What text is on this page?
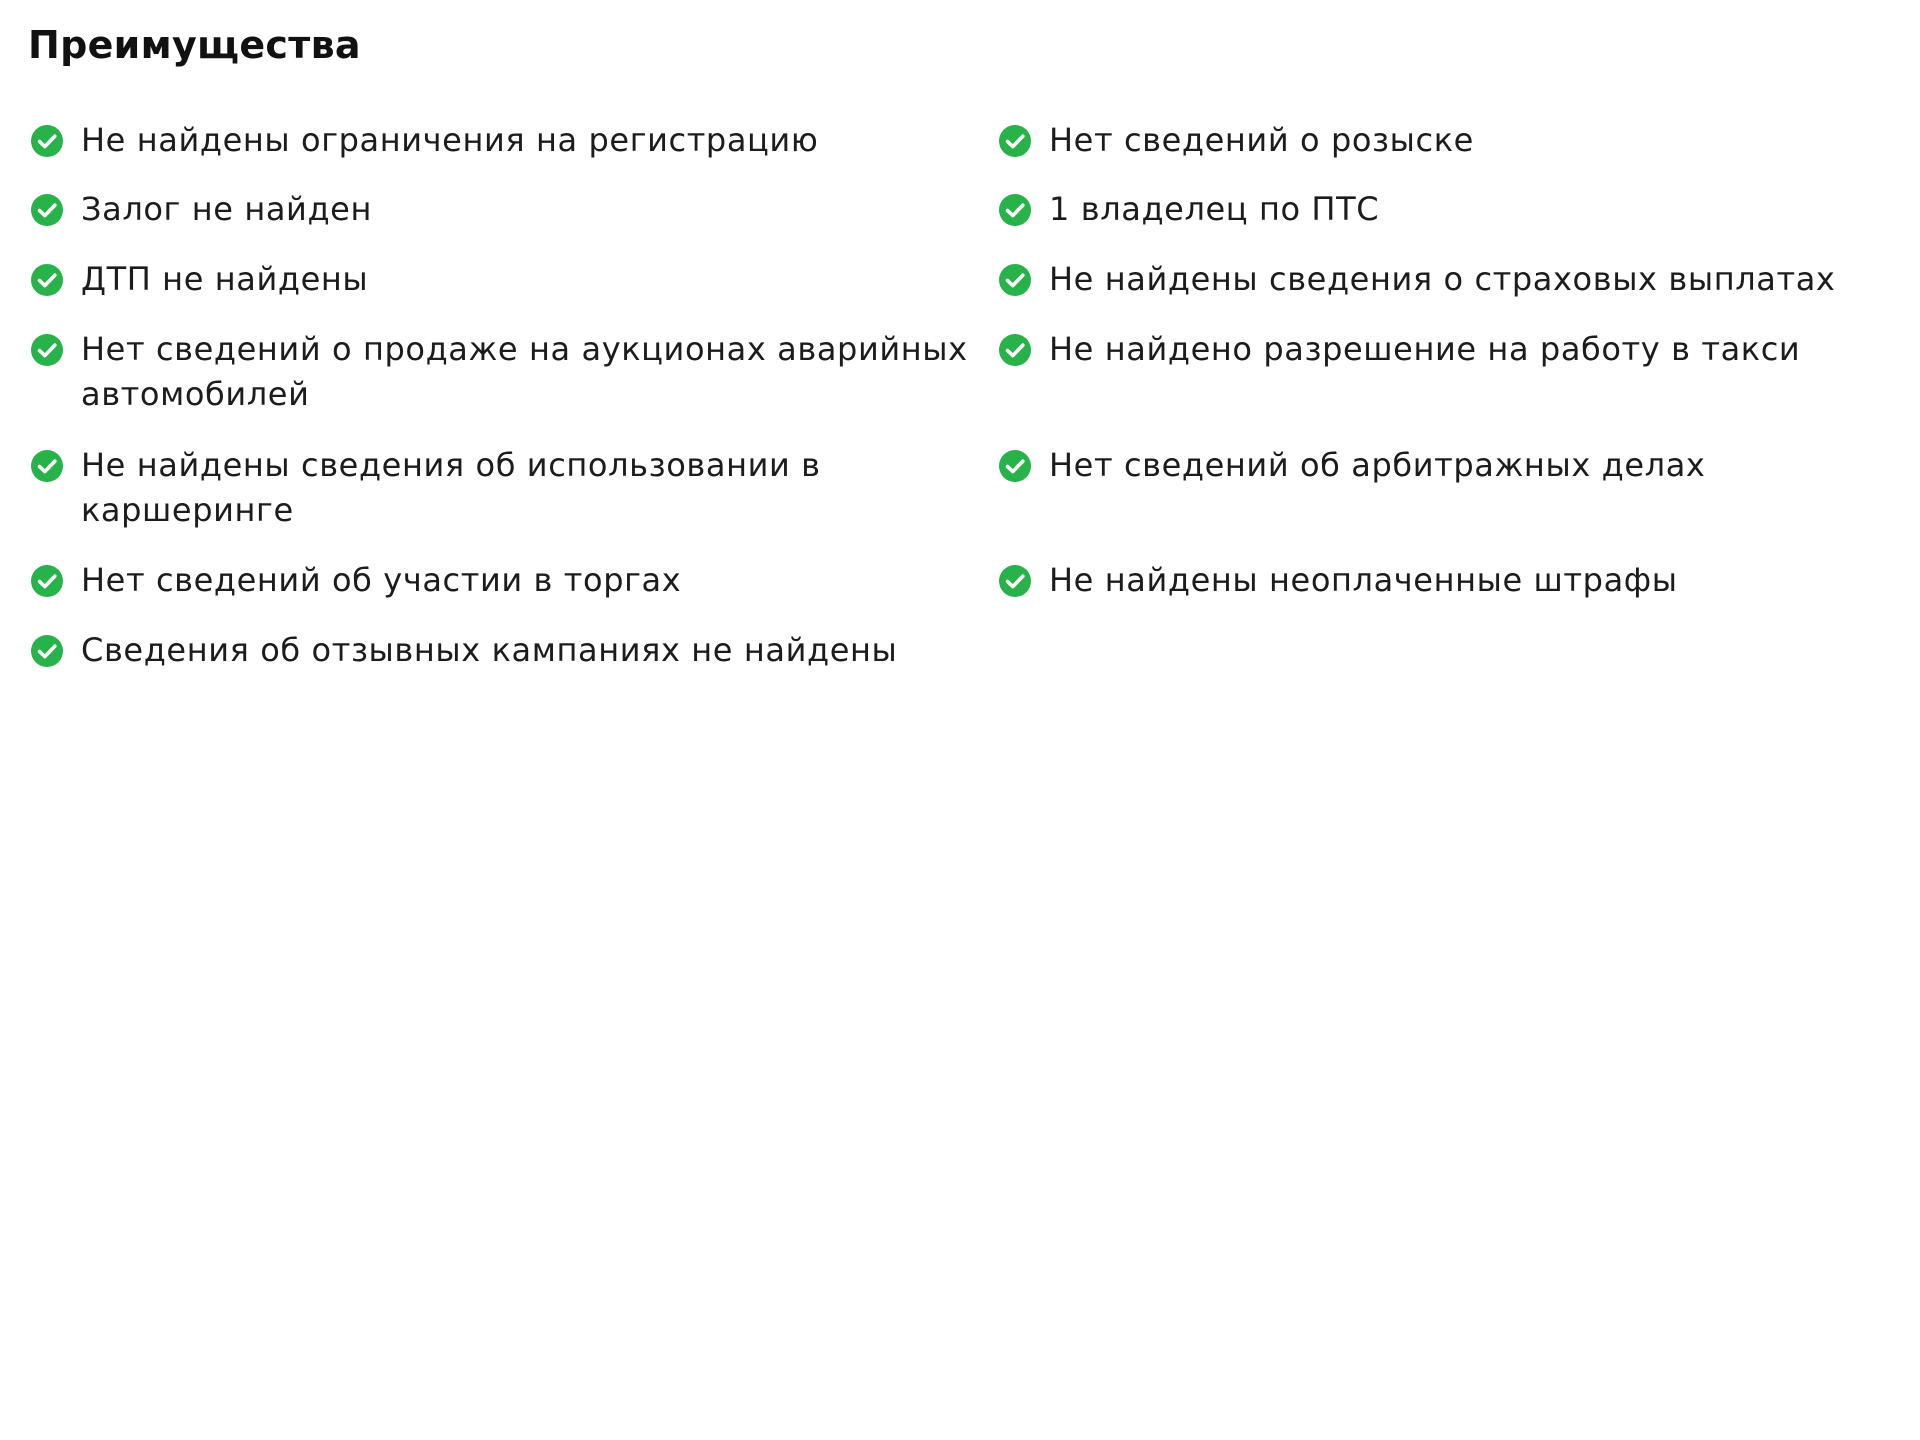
Преимущества
Не найдены ограничения на регистрацию
Залог не найден
ДТП не найдены
Нет сведений о продаже на аукционах аварийных автомобилей
Не найдены сведения об использовании в каршеринге
Нет сведений об участии в торгах
Сведения об отзывных кампаниях не найдены
Нет сведений о розыске
1 владелец по ПТС
Не найдены сведения о страховых выплатах
Не найдено разрешение на работу в такси
Нет сведений об арбитражных делах
Не найдены неоплаченные штрафы
